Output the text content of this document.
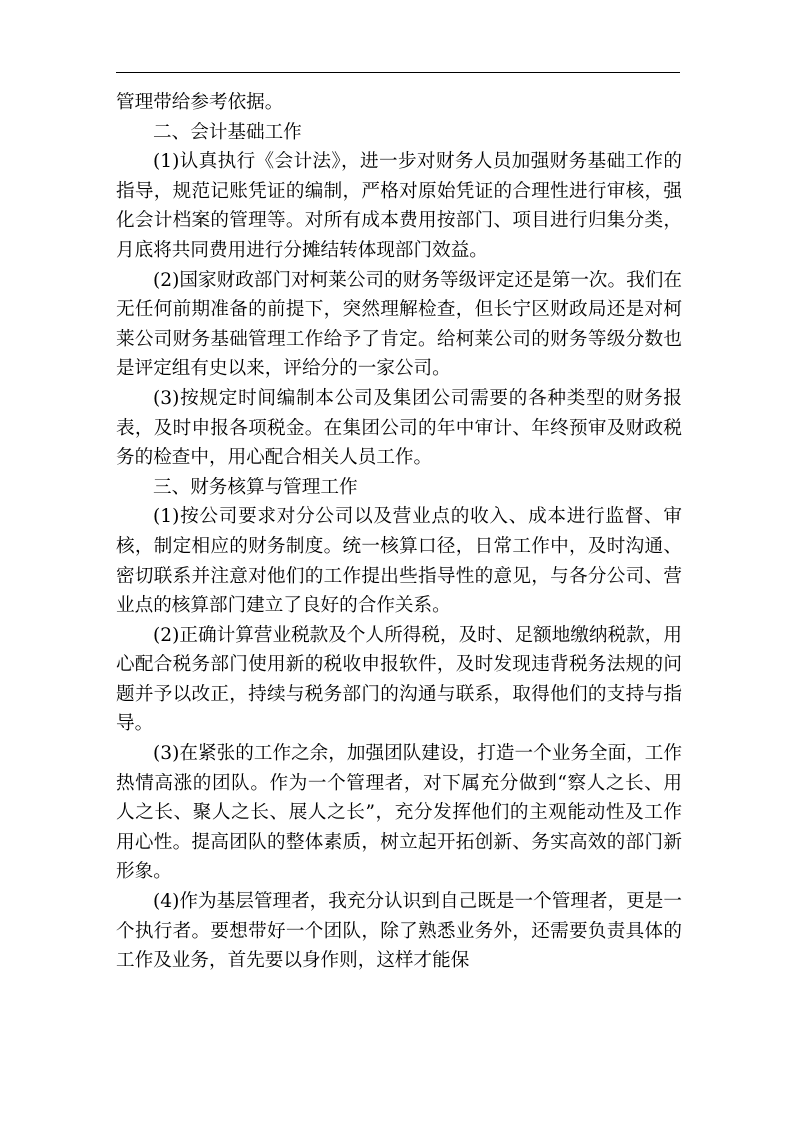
管理带给参考依据。

二、会计基础工作

(1)认真执行《会计法》，进一步对财务人员加强财务基础工作的指导，规范记账凭证的编制，严格对原始凭证的合理性进行审核，强化会计档案的管理等。对所有成本费用按部门、项目进行归集分类，月底将共同费用进行分摊结转体现部门效益。

(2)国家财政部门对柯莱公司的财务等级评定还是第一次。我们在无任何前期准备的前提下，突然理解检查，但长宁区财政局还是对柯莱公司财务基础管理工作给予了肯定。给柯莱公司的财务等级分数也是评定组有史以来，评给分的一家公司。

(3)按规定时间编制本公司及集团公司需要的各种类型的财务报表，及时申报各项税金。在集团公司的年中审计、年终预审及财政税务的检查中，用心配合相关人员工作。

三、财务核算与管理工作

(1)按公司要求对分公司以及营业点的收入、成本进行监督、审核，制定相应的财务制度。统一核算口径，日常工作中，及时沟通、密切联系并注意对他们的工作提出些指导性的意见，与各分公司、营业点的核算部门建立了良好的合作关系。

(2)正确计算营业税款及个人所得税，及时、足额地缴纳税款，用心配合税务部门使用新的税收申报软件，及时发现违背税务法规的问题并予以改正，持续与税务部门的沟通与联系，取得他们的支持与指导。

(3)在紧张的工作之余，加强团队建设，打造一个业务全面，工作热情高涨的团队。作为一个管理者，对下属充分做到“察人之长、用人之长、聚人之长、展人之长”，充分发挥他们的主观能动性及工作用心性。提高团队的整体素质，树立起开拓创新、务实高效的部门新形象。

(4)作为基层管理者，我充分认识到自己既是一个管理者，更是一个执行者。要想带好一个团队，除了熟悉业务外，还需要负责具体的工作及业务，首先要以身作则，这样才能保
